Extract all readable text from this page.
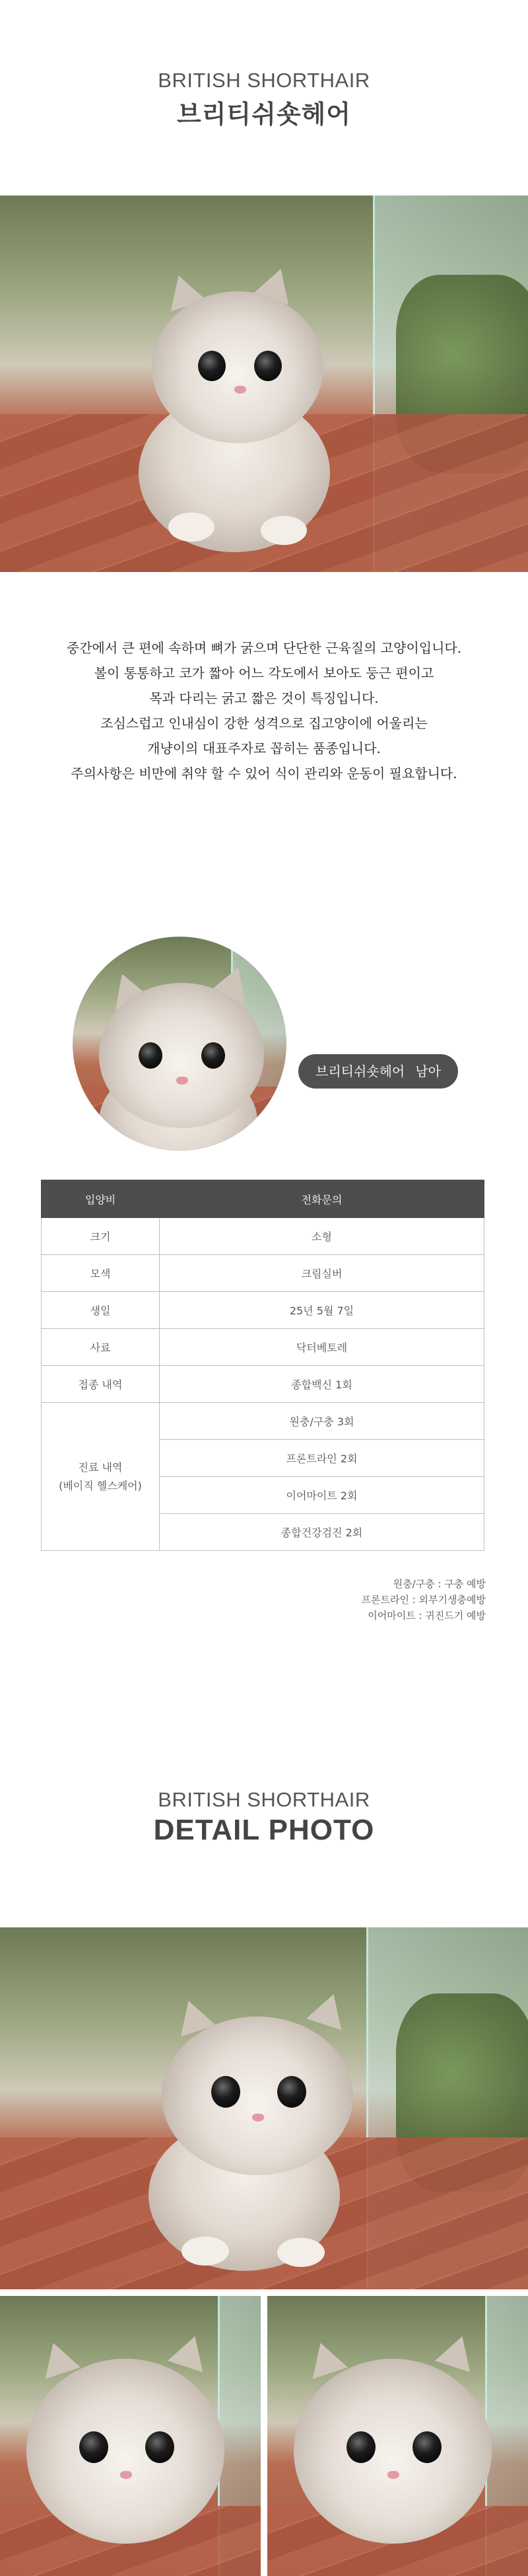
BRITISH SHORTHAIR
브리티쉬숏헤어
중간에서 큰 편에 속하며 뼈가 굵으며 단단한 근육질의 고양이입니다.
볼이 통통하고 코가 짧아 어느 각도에서 보아도 둥근 편이고
목과 다리는 굵고 짧은 것이 특징입니다.
조심스럽고 인내심이 강한 성격으로 집고양이에 어울리는
개냥이의 대표주자로 꼽히는 품종입니다.
주의사항은 비만에 취약 할 수 있어 식이 관리와 운동이 필요합니다.
브리티쉬숏헤어 남아
입양비	전화문의
크기	소형
모색	크림실버
생일	25년 5월 7일
사료	닥터베토레
접종 내역	종합백신 1회

진료 내역
(베이직 헬스케어)	원충/구충 3회
	프론트라인 2회
	이어마이트 2회
	종합건강검진 2회
원충/구충 : 구충 예방
프론트라인 : 외부기생충예방
이어마이트 : 귀진드기 예방
BRITISH SHORTHAIR
DETAIL PHOTO
